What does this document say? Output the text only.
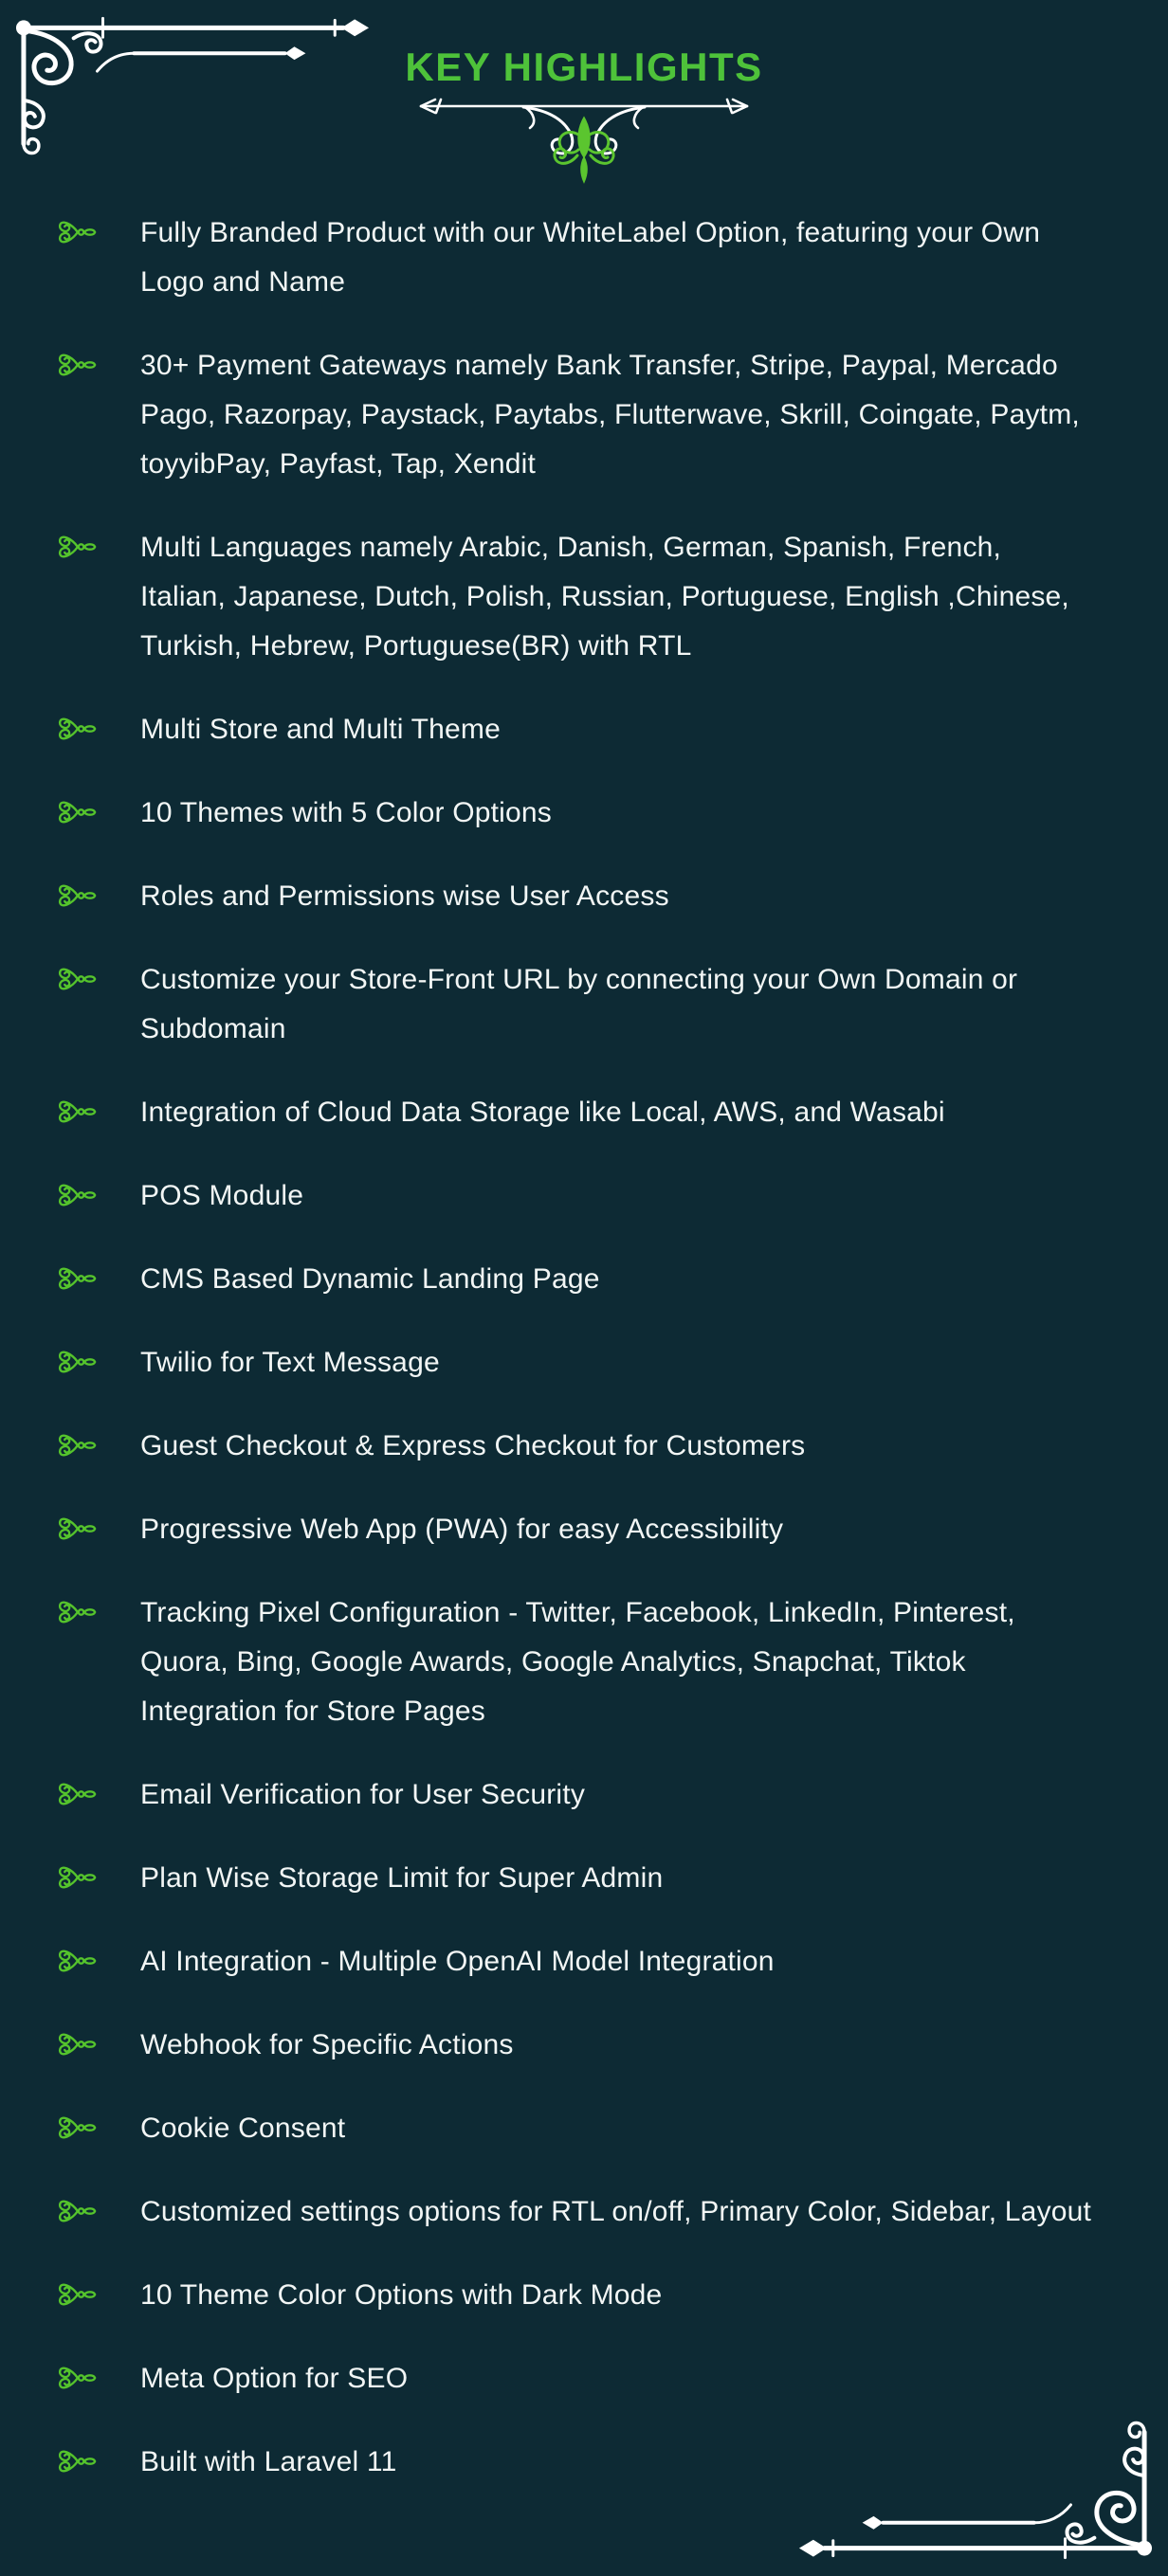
KEY HIGHLIGHTS
Fully Branded Product with our WhiteLabel Option, featuring your Own Logo and Name
30+ Payment Gateways namely Bank Transfer, Stripe, Paypal, Mercado Pago, Razorpay, Paystack, Paytabs, Flutterwave, Skrill, Coingate, Paytm, toyyibPay, Payfast, Tap, Xendit
Multi Languages namely Arabic, Danish, German, Spanish, French, Italian, Japanese, Dutch, Polish, Russian, Portuguese, English ,Chinese, Turkish, Hebrew, Portuguese(BR) with RTL
Multi Store and Multi Theme
10 Themes with 5 Color Options
Roles and Permissions wise User Access
Customize your Store-Front URL by connecting your Own Domain or Subdomain
Integration of Cloud Data Storage like Local, AWS, and Wasabi
POS Module
CMS Based Dynamic Landing Page
Twilio for Text Message
Guest Checkout & Express Checkout for Customers
Progressive Web App (PWA) for easy Accessibility
Tracking Pixel Configuration - Twitter, Facebook, LinkedIn, Pinterest, Quora, Bing, Google Awards, Google Analytics, Snapchat, Tiktok Integration for Store Pages
Email Verification for User Security
Plan Wise Storage Limit for Super Admin
AI Integration - Multiple OpenAI Model Integration
Webhook for Specific Actions
Cookie Consent
Customized settings options for RTL on/off, Primary Color, Sidebar, Layout
10 Theme Color Options with Dark Mode
Meta Option for SEO
Built with Laravel 11
